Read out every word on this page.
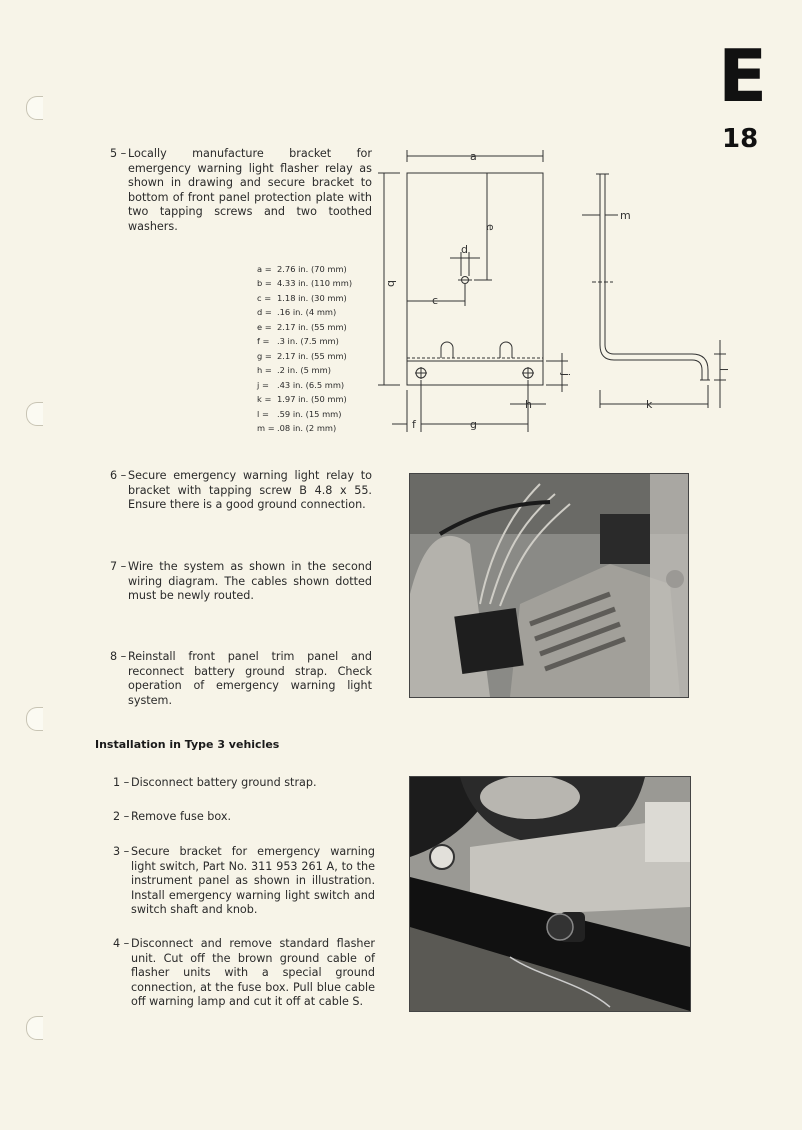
E
18
5 – Locally manufacture bracket for emergency warning light flasher relay as shown in drawing and secure bracket to bottom of front panel protection plate with two tapping screws and two toothed washers.
a = 2.76 in. (70 mm)
b = 4.33 in. (110 mm)
c = 1.18 in. (30 mm)
d = .16 in. (4 mm)
e = 2.17 in. (55 mm)
f = .3 in. (7.5 mm)
g = 2.17 in. (55 mm)
h = .2 in. (5 mm)
j = .43 in. (6.5 mm)
k = 1.97 in. (50 mm)
l = .59 in. (15 mm)
m = .08 in. (2 mm)
a
b
c
d
e
f	g
h
j
k
l
m
6 – Secure emergency warning light relay to bracket with tapping screw B 4.8 x 55. Ensure there is a good ground connection.
7 – Wire the system as shown in the second wiring diagram. The cables shown dotted must be newly routed.
8 – Reinstall front panel trim panel and reconnect battery ground strap. Check operation of emergency warning light system.
Installation in Type 3 vehicles
1 – Disconnect battery ground strap.
2 – Remove fuse box.
3 – Secure bracket for emergency warning light switch, Part No. 311 953 261 A, to the instrument panel as shown in illustration. Install emergency warning light switch and switch shaft and knob.
4 – Disconnect and remove standard flasher unit. Cut off the brown ground cable of flasher units with a special ground connection, at the fuse box. Pull blue cable off warning lamp and cut it off at cable S.
